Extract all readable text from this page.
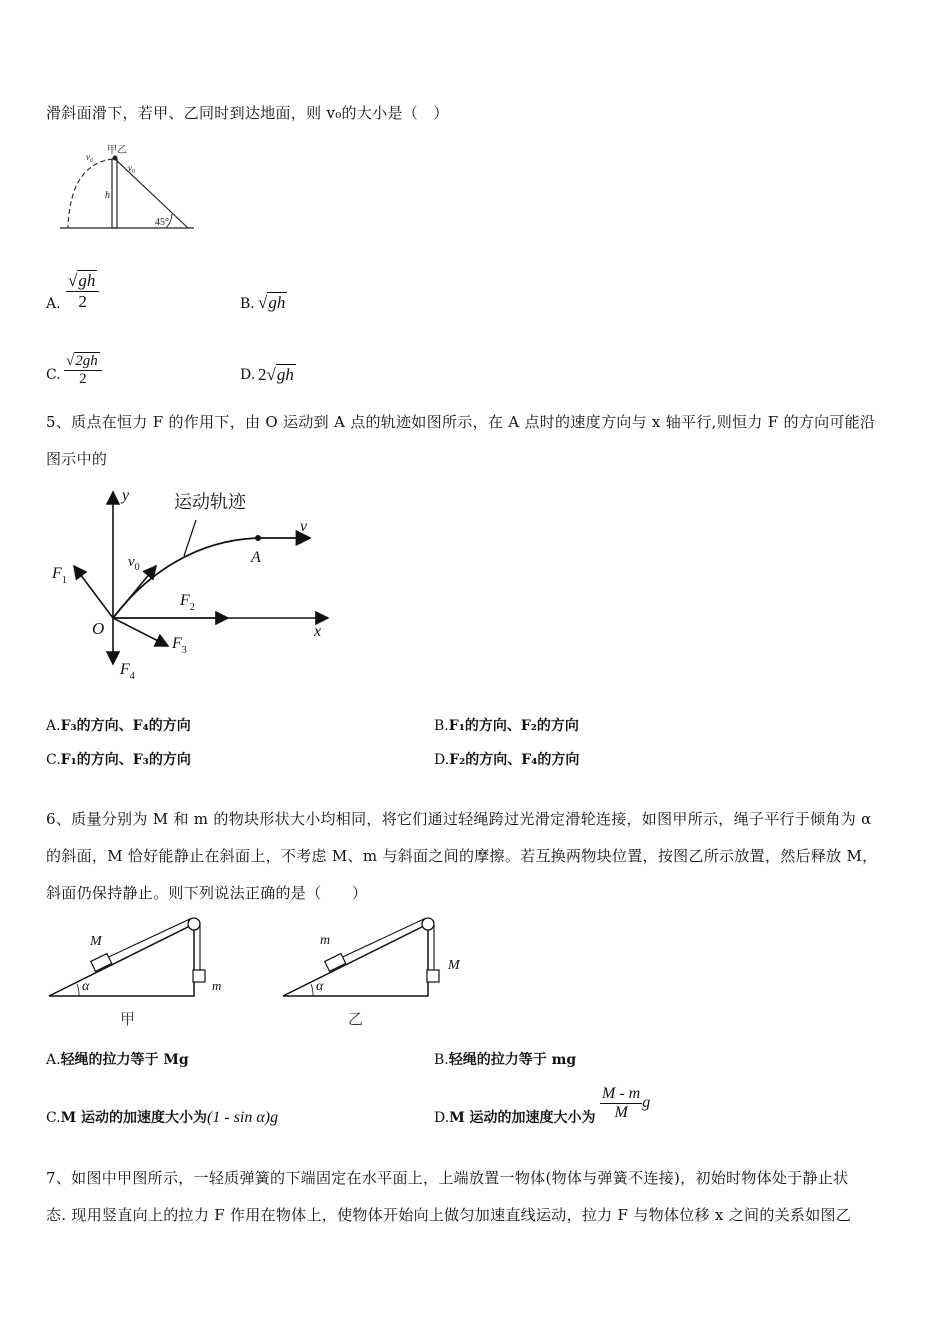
滑斜面滑下，若甲、乙同时到达地面，则 v₀的大小是（　）
甲乙
v₀
v₀
h
45°
A. $\frac{√ gh}{2}$	B. √ gh
C. $\frac{√ 2gh}{2}$	D. 2 √ gh
5、质点在恒力 F 的作用下，由 O 运动到 A 点的轨迹如图所示，在 A 点时的速度方向与 x 轴平行,则恒力 F 的方向可能沿
图示中的
运动轨迹
y
x
O
A
v
$v_0$
$F_1$
$F_2$
$F_3$
$F_4$
A.F₃的方向、F₄的方向	B.F₁的方向、F₂的方向
C.F₁的方向、F₃的方向	D.F₂的方向、F₄的方向
6、质量分别为 M 和 m 的物块形状大小均相同，将它们通过轻绳跨过光滑定滑轮连接，如图甲所示，绳子平行于倾角为 α
的斜面，M 恰好能静止在斜面上，不考虑 M、m 与斜面之间的摩擦。若互换两物块位置，按图乙所示放置，然后释放 M，
斜面仍保持静止。则下列说法正确的是（　　）
M
m
α
甲
m
M
α
乙
A.轻绳的拉力等于 Mg	B.轻绳的拉力等于 mg
C.M 运动的加速度大小为(1 - sin α)g	D.M 运动的加速度大小为 $\frac{M - m}{M}$ g
7、如图中甲图所示，一轻质弹簧的下端固定在水平面上，上端放置一物体(物体与弹簧不连接)，初始时物体处于静止状
态. 现用竖直向上的拉力 F 作用在物体上，使物体开始向上做匀加速直线运动，拉力 F 与物体位移 x 之间的关系如图乙
